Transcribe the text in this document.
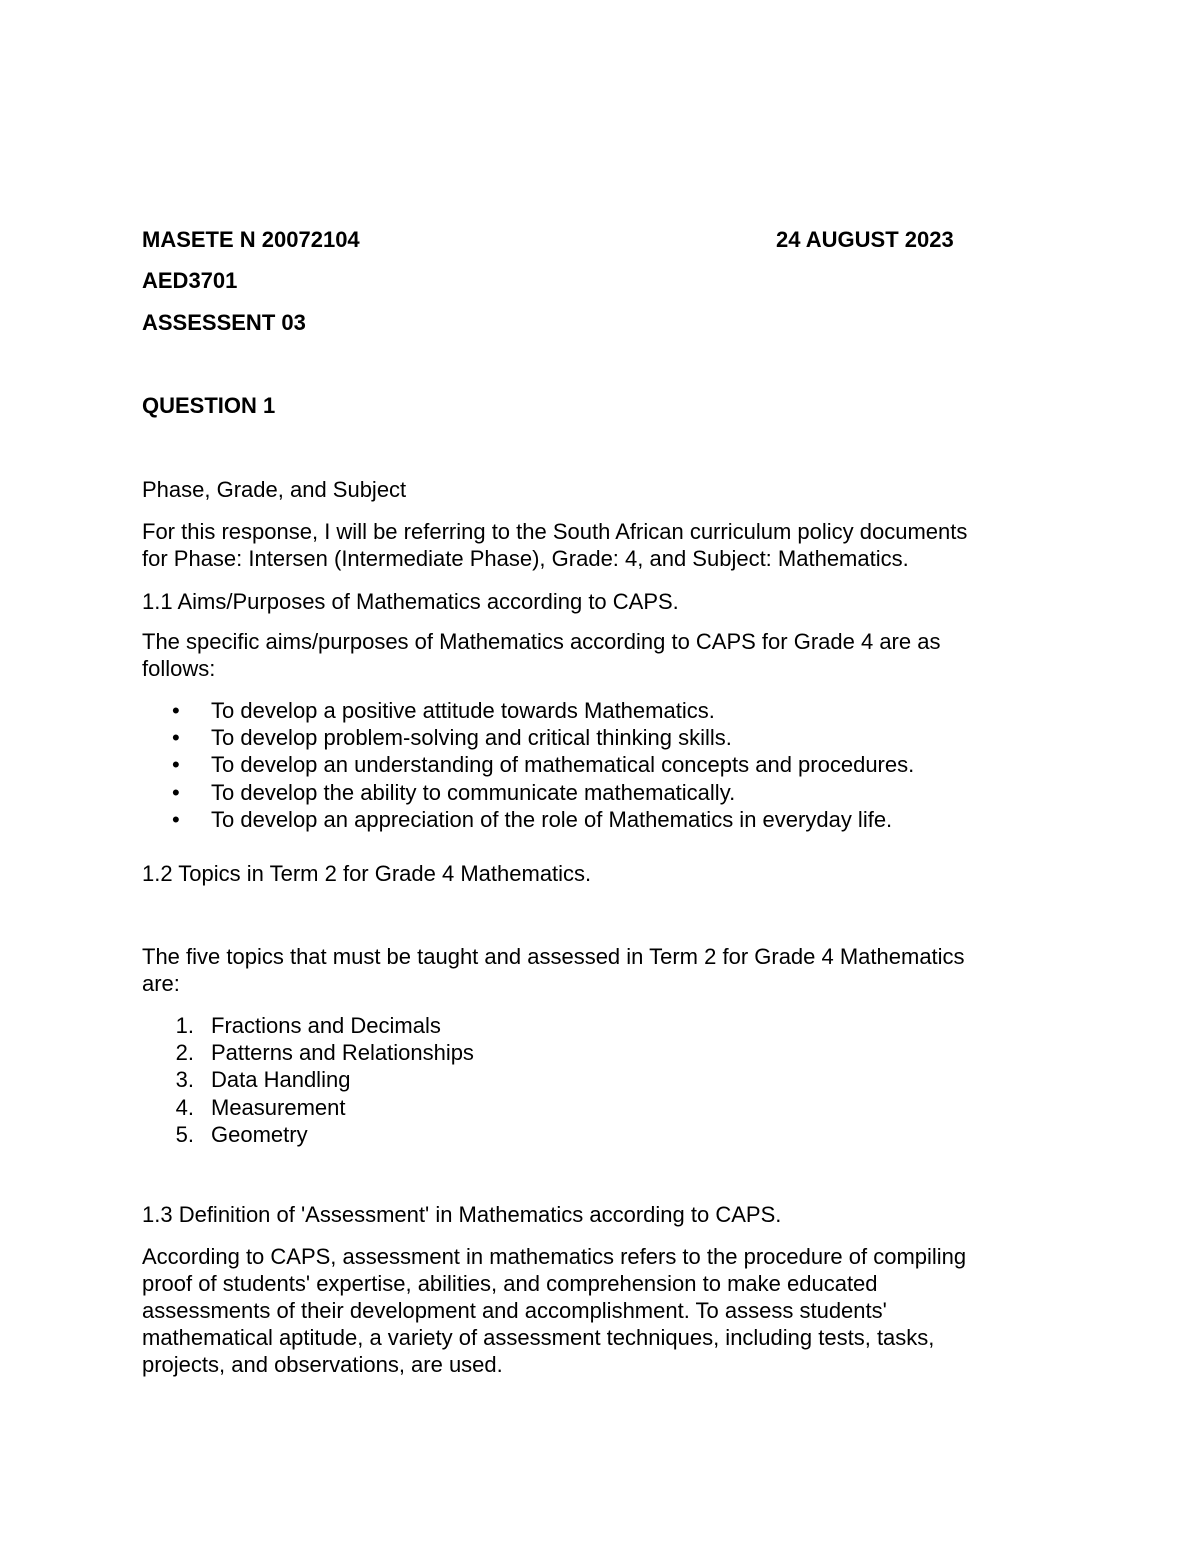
MASETE N 20072104	24 AUGUST 2023
AED3701
ASSESSENT 03
QUESTION 1
Phase, Grade, and Subject
For this response, I will be referring to the South African curriculum policy documents
for Phase: Intersen (Intermediate Phase), Grade: 4, and Subject: Mathematics.
1.1 Aims/Purposes of Mathematics according to CAPS.
The specific aims/purposes of Mathematics according to CAPS for Grade 4 are as
follows:
•	To develop a positive attitude towards Mathematics.
•	To develop problem-solving and critical thinking skills.
•	To develop an understanding of mathematical concepts and procedures.
•	To develop the ability to communicate mathematically.
•	To develop an appreciation of the role of Mathematics in everyday life.
1.2 Topics in Term 2 for Grade 4 Mathematics.
The five topics that must be taught and assessed in Term 2 for Grade 4 Mathematics
are:
1. Fractions and Decimals
2. Patterns and Relationships
3. Data Handling
4. Measurement
5. Geometry
1.3 Definition of 'Assessment' in Mathematics according to CAPS.
According to CAPS, assessment in mathematics refers to the procedure of compiling
proof of students' expertise, abilities, and comprehension to make educated
assessments of their development and accomplishment. To assess students'
mathematical aptitude, a variety of assessment techniques, including tests, tasks,
projects, and observations, are used.
